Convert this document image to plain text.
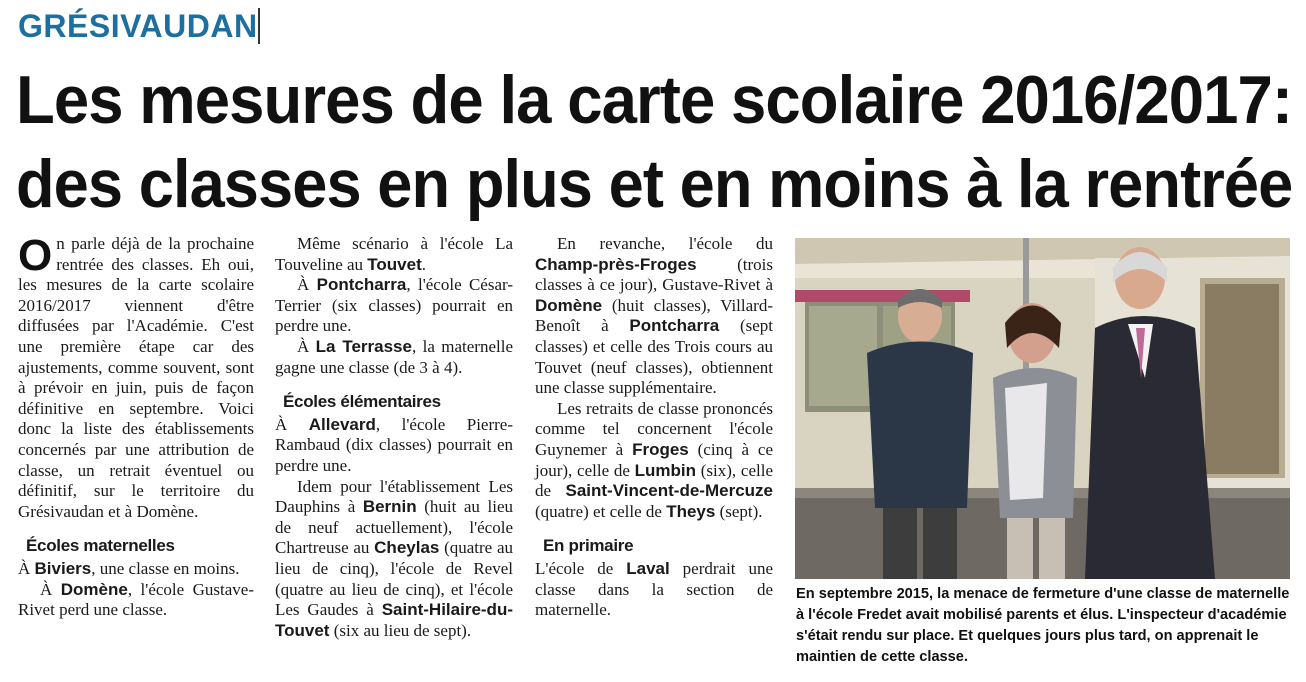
GRÉSIVAUDAN
Les mesures de la carte scolaire 2016/2017:
des classes en plus et en moins à la rentrée

On parle déjà de la prochaine rentrée des classes. Eh oui, les mesures de la carte scolaire 2016/2017 viennent d'être diffusées par l'Académie. C'est une première étape car des ajustements, comme souvent, sont à prévoir en juin, puis de façon définitive en septembre. Voici donc la liste des établissements concernés par une attribution de classe, un retrait éventuel ou définitif, sur le territoire du Grésivaudan et à Domène.

Écoles maternelles

À Biviers, une classe en moins.

À Domène, l'école Gustave-Rivet perd une classe.

Même scénario à l'école La Touveline au Touvet.

À Pontcharra, l'école César-Terrier (six classes) pourrait en perdre une.

À La Terrasse, la maternelle gagne une classe (de 3 à 4).

Écoles élémentaires

À Allevard, l'école Pierre-Rambaud (dix classes) pourrait en perdre une.

Idem pour l'établissement Les Dauphins à Bernin (huit au lieu de neuf actuellement), l'école Chartreuse au Cheylas (quatre au lieu de cinq), l'école de Revel (quatre au lieu de cinq), et l'école Les Gaudes à Saint-Hilaire-du-Touvet (six au lieu de sept).

En revanche, l'école du Champ-près-Froges (trois classes à ce jour), Gustave-Rivet à Domène (huit classes), Villard-Benoît à Pontcharra (sept classes) et celle des Trois cours au Touvet (neuf classes), obtiennent une classe supplémentaire.

Les retraits de classe prononcés comme tel concernent l'école Guynemer à Froges (cinq à ce jour), celle de Lumbin (six), celle de Saint-Vincent-de-Mercuze (quatre) et celle de Theys (sept).

En primaire

L'école de Laval perdrait une classe dans la section de maternelle.

En septembre 2015, la menace de fermeture d'une classe de maternelle à l'école Fredet avait mobilisé parents et élus. L'inspecteur d'académie s'était rendu sur place. Et quelques jours plus tard, on apprenait le maintien de cette classe.
